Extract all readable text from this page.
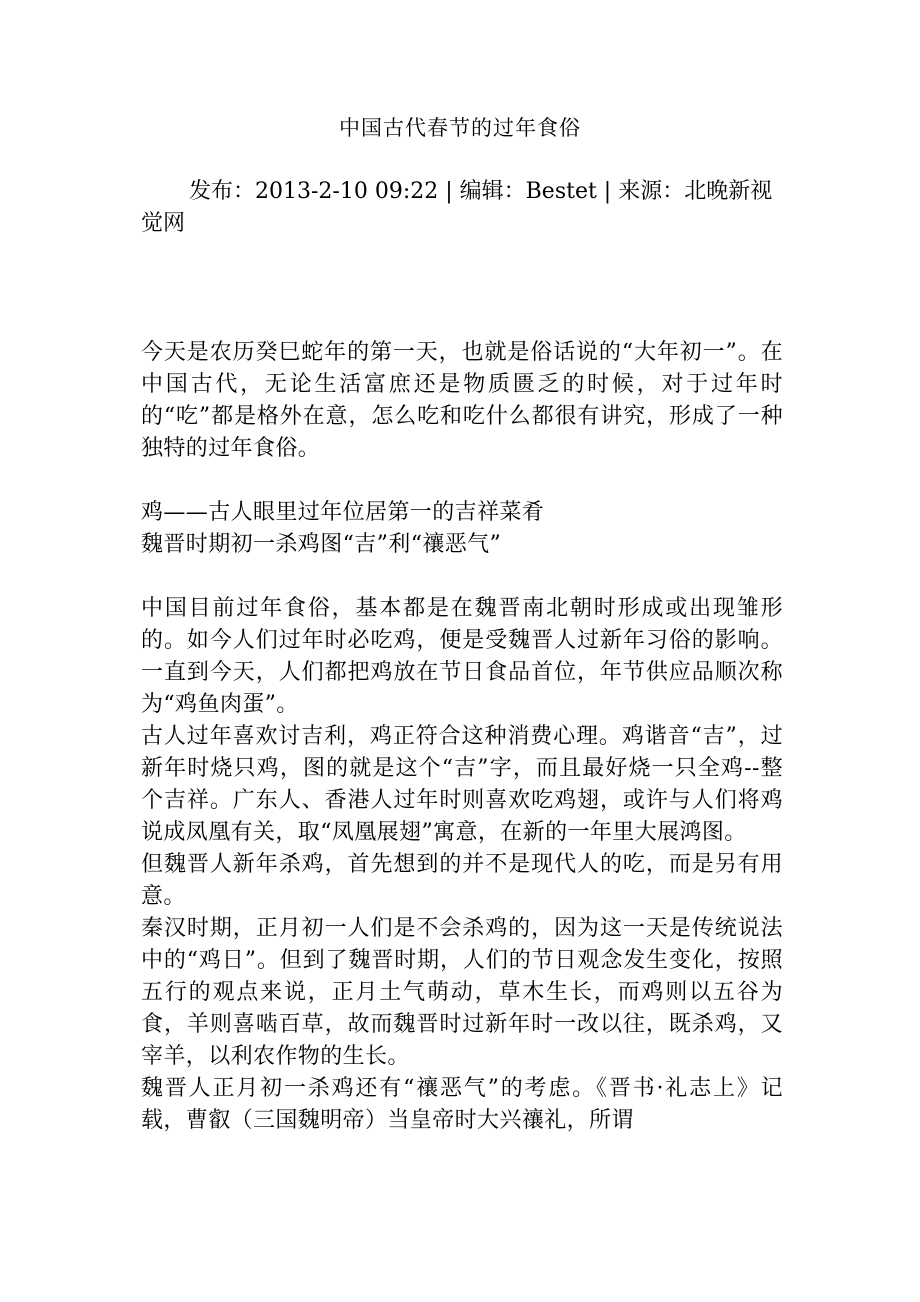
中国古代春节的过年食俗
发布：2013-2-10 09:22 | 编辑：Bestet | 来源：北晚新视觉网

今天是农历癸巳蛇年的第一天，也就是俗话说的“大年初一”。在中国古代，无论生活富庶还是物质匮乏的时候，对于过年时的“吃”都是格外在意，怎么吃和吃什么都很有讲究，形成了一种独特的过年食俗。

鸡——古人眼里过年位居第一的吉祥菜肴

魏晋时期初一杀鸡图“吉”利“禳恶气”

中国目前过年食俗，基本都是在魏晋南北朝时形成或出现雏形的。如今人们过年时必吃鸡，便是受魏晋人过新年习俗的影响。一直到今天，人们都把鸡放在节日食品首位，年节供应品顺次称为“鸡鱼肉蛋”。

古人过年喜欢讨吉利，鸡正符合这种消费心理。鸡谐音“吉”，过新年时烧只鸡，图的就是这个“吉”字，而且最好烧一只全鸡--整个吉祥。广东人、香港人过年时则喜欢吃鸡翅，或许与人们将鸡说成凤凰有关，取“凤凰展翅”寓意，在新的一年里大展鸿图。

但魏晋人新年杀鸡，首先想到的并不是现代人的吃，而是另有用意。

秦汉时期，正月初一人们是不会杀鸡的，因为这一天是传统说法中的“鸡日”。但到了魏晋时期，人们的节日观念发生变化，按照五行的观点来说，正月土气萌动，草木生长，而鸡则以五谷为食，羊则喜啮百草，故而魏晋时过新年时一改以往，既杀鸡，又宰羊，以利农作物的生长。

魏晋人正月初一杀鸡还有“禳恶气”的考虑。《晋书·礼志上》记载，曹叡（三国魏明帝）当皇帝时大兴禳礼，所谓
